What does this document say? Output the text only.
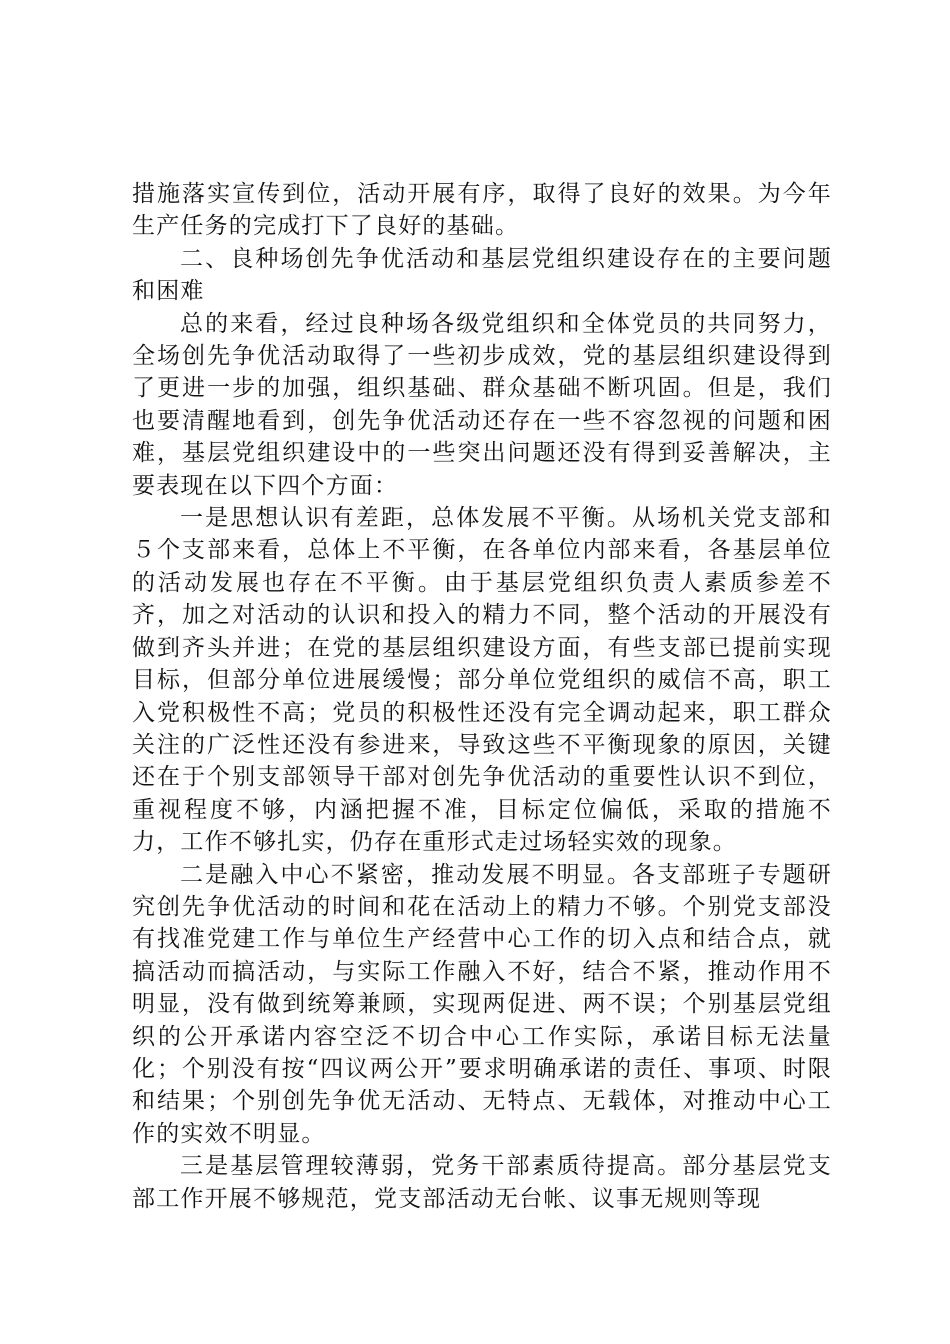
措施落实宣传到位，活动开展有序，取得了良好的效果。为今年生产任务的完成打下了良好的基础。

二、良种场创先争优活动和基层党组织建设存在的主要问题和困难

总的来看，经过良种场各级党组织和全体党员的共同努力，全场创先争优活动取得了一些初步成效，党的基层组织建设得到了更进一步的加强，组织基础、群众基础不断巩固。但是，我们也要清醒地看到，创先争优活动还存在一些不容忽视的问题和困难，基层党组织建设中的一些突出问题还没有得到妥善解决，主要表现在以下四个方面：

一是思想认识有差距，总体发展不平衡。从场机关党支部和５个支部来看，总体上不平衡，在各单位内部来看，各基层单位的活动发展也存在不平衡。由于基层党组织负责人素质参差不齐，加之对活动的认识和投入的精力不同，整个活动的开展没有做到齐头并进；在党的基层组织建设方面，有些支部已提前实现目标，但部分单位进展缓慢；部分单位党组织的威信不高，职工入党积极性不高；党员的积极性还没有完全调动起来，职工群众关注的广泛性还没有参进来，导致这些不平衡现象的原因，关键还在于个别支部领导干部对创先争优活动的重要性认识不到位，重视程度不够，内涵把握不准，目标定位偏低，采取的措施不力，工作不够扎实，仍存在重形式走过场轻实效的现象。

二是融入中心不紧密，推动发展不明显。各支部班子专题研究创先争优活动的时间和花在活动上的精力不够。个别党支部没有找准党建工作与单位生产经营中心工作的切入点和结合点，就搞活动而搞活动，与实际工作融入不好，结合不紧，推动作用不明显，没有做到统筹兼顾，实现两促进、两不误；个别基层党组织的公开承诺内容空泛不切合中心工作实际，承诺目标无法量化；个别没有按“四议两公开”要求明确承诺的责任、事项、时限和结果；个别创先争优无活动、无特点、无载体，对推动中心工作的实效不明显。

三是基层管理较薄弱，党务干部素质待提高。部分基层党支部工作开展不够规范，党支部活动无台帐、议事无规则等现
